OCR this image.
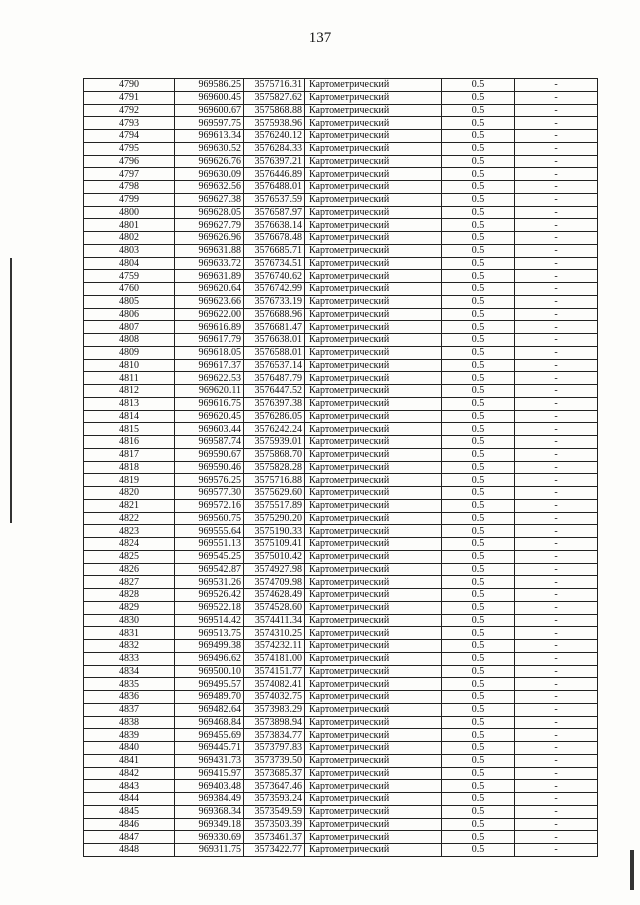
137
4790	969586.25	3575716.31	Картометрический	0.5	-
4791	969600.45	3575827.62	Картометрический	0.5	-
4792	969600.67	3575868.88	Картометрический	0.5	-
4793	969597.75	3575938.96	Картометрический	0.5	-
4794	969613.34	3576240.12	Картометрический	0.5	-
4795	969630.52	3576284.33	Картометрический	0.5	-
4796	969626.76	3576397.21	Картометрический	0.5	-
4797	969630.09	3576446.89	Картометрический	0.5	-
4798	969632.56	3576488.01	Картометрический	0.5	-
4799	969627.38	3576537.59	Картометрический	0.5	-
4800	969628.05	3576587.97	Картометрический	0.5	-
4801	969627.79	3576638.14	Картометрический	0.5	-
4802	969626.96	3576678.48	Картометрический	0.5	-
4803	969631.88	3576685.71	Картометрический	0.5	-
4804	969633.72	3576734.51	Картометрический	0.5	-
4759	969631.89	3576740.62	Картометрический	0.5	-
4760	969620.64	3576742.99	Картометрический	0.5	-
4805	969623.66	3576733.19	Картометрический	0.5	-
4806	969622.00	3576688.96	Картометрический	0.5	-
4807	969616.89	3576681.47	Картометрический	0.5	-
4808	969617.79	3576638.01	Картометрический	0.5	-
4809	969618.05	3576588.01	Картометрический	0.5	-
4810	969617.37	3576537.14	Картометрический	0.5	-
4811	969622.53	3576487.79	Картометрический	0.5	-
4812	969620.11	3576447.52	Картометрический	0.5	-
4813	969616.75	3576397.38	Картометрический	0.5	-
4814	969620.45	3576286.05	Картометрический	0.5	-
4815	969603.44	3576242.24	Картометрический	0.5	-
4816	969587.74	3575939.01	Картометрический	0.5	-
4817	969590.67	3575868.70	Картометрический	0.5	-
4818	969590.46	3575828.28	Картометрический	0.5	-
4819	969576.25	3575716.88	Картометрический	0.5	-
4820	969577.30	3575629.60	Картометрический	0.5	-
4821	969572.16	3575517.89	Картометрический	0.5	-
4822	969560.75	3575290.20	Картометрический	0.5	-
4823	969555.64	3575190.33	Картометрический	0.5	-
4824	969551.13	3575109.41	Картометрический	0.5	-
4825	969545.25	3575010.42	Картометрический	0.5	-
4826	969542.87	3574927.98	Картометрический	0.5	-
4827	969531.26	3574709.98	Картометрический	0.5	-
4828	969526.42	3574628.49	Картометрический	0.5	-
4829	969522.18	3574528.60	Картометрический	0.5	-
4830	969514.42	3574411.34	Картометрический	0.5	-
4831	969513.75	3574310.25	Картометрический	0.5	-
4832	969499.38	3574232.11	Картометрический	0.5	-
4833	969496.62	3574181.00	Картометрический	0.5	-
4834	969500.10	3574151.77	Картометрический	0.5	-
4835	969495.57	3574082.41	Картометрический	0.5	-
4836	969489.70	3574032.75	Картометрический	0.5	-
4837	969482.64	3573983.29	Картометрический	0.5	-
4838	969468.84	3573898.94	Картометрический	0.5	-
4839	969455.69	3573834.77	Картометрический	0.5	-
4840	969445.71	3573797.83	Картометрический	0.5	-
4841	969431.73	3573739.50	Картометрический	0.5	-
4842	969415.97	3573685.37	Картометрический	0.5	-
4843	969403.48	3573647.46	Картометрический	0.5	-
4844	969384.49	3573593.24	Картометрический	0.5	-
4845	969368.34	3573549.59	Картометрический	0.5	-
4846	969349.18	3573503.39	Картометрический	0.5	-
4847	969330.69	3573461.37	Картометрический	0.5	-
4848	969311.75	3573422.77	Картометрический	0.5	-
